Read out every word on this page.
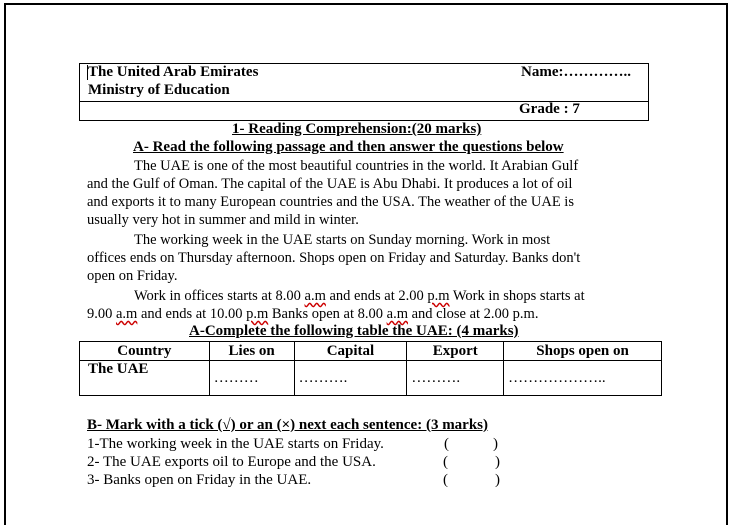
The United Arab Emirates
Ministry of Education
Name:…………..
Grade : 7
1- Reading Comprehension:(20 marks)
A- Read the following passage and then answer the questions below
The UAE is one of the most beautiful countries in the world. It Arabian Gulf
and the Gulf of Oman. The capital of the UAE is Abu Dhabi. It produces a lot of oil
and exports it to many European countries and the USA. The weather of the UAE is
usually very hot in summer and mild in winter.
The working week in the UAE starts on Sunday morning. Work in most
offices ends on Thursday afternoon. Shops open on Friday and Saturday. Banks don't
open on Friday.
Work in offices starts at 8.00 a.m and ends at 2.00 p.m Work in shops starts at
9.00 a.m and ends at 10.00 p.m Banks open at 8.00 a.m and close at 2.00 p.m.
A-Complete the following table the UAE: (4 marks)
Country	Lies on	Capital	Export	Shops open on
The UAE	………	……….	……….	………………..
B- Mark with a tick (√) or an (×) next each sentence: (3 marks)
1-The working week in the UAE starts on Friday.	(	)
2- The UAE exports oil to Europe and the USA.	(	)
3- Banks open on Friday in the UAE.	(	)
